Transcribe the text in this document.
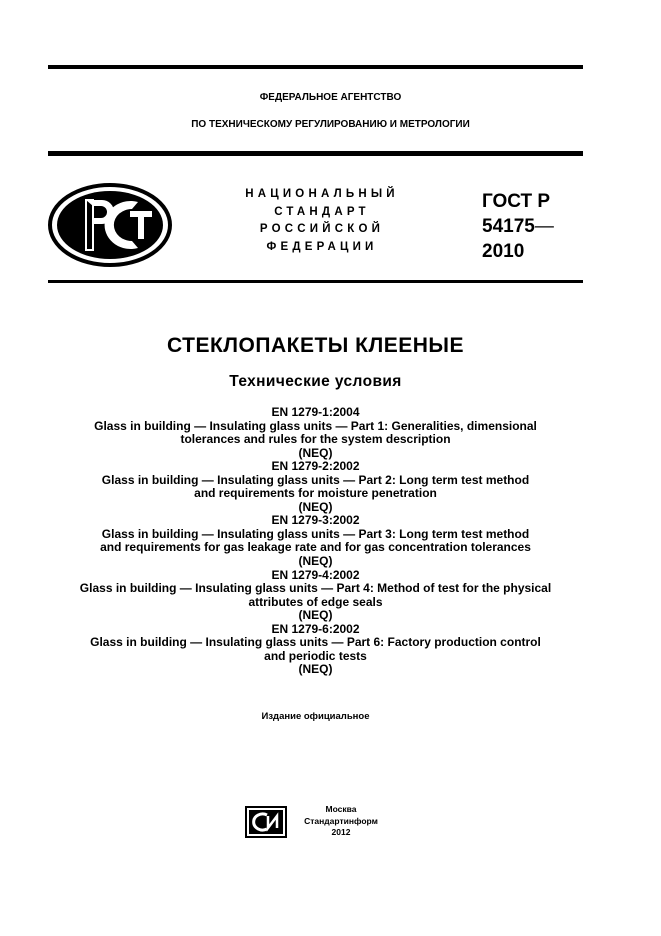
ФЕДЕРАЛЬНОЕ АГЕНТСТВО
ПО ТЕХНИЧЕСКОМУ РЕГУЛИРОВАНИЮ И МЕТРОЛОГИИ
НАЦИОНАЛЬНЫЙ
СТАНДАРТ
РОССИЙСКОЙ
ФЕДЕРАЦИИ
ГОСТ Р
54175—
2010
СТЕКЛОПАКЕТЫ КЛЕЕНЫЕ
Технические условия
EN 1279-1:2004
Glass in building — Insulating glass units — Part 1: Generalities, dimensional
tolerances and rules for the system description
(NEQ)
EN 1279-2:2002
Glass in building — Insulating glass units — Part 2: Long term test method
and requirements for moisture penetration
(NEQ)
EN 1279-3:2002
Glass in building — Insulating glass units — Part 3: Long term test method
and requirements for gas leakage rate and for gas concentration tolerances
(NEQ)
EN 1279-4:2002
Glass in building — Insulating glass units — Part 4: Method of test for the physical
attributes of edge seals
(NEQ)
EN 1279-6:2002
Glass in building — Insulating glass units — Part 6: Factory production control
and periodic tests
(NEQ)
Издание официальное
Москва
Стандартинформ
2012
